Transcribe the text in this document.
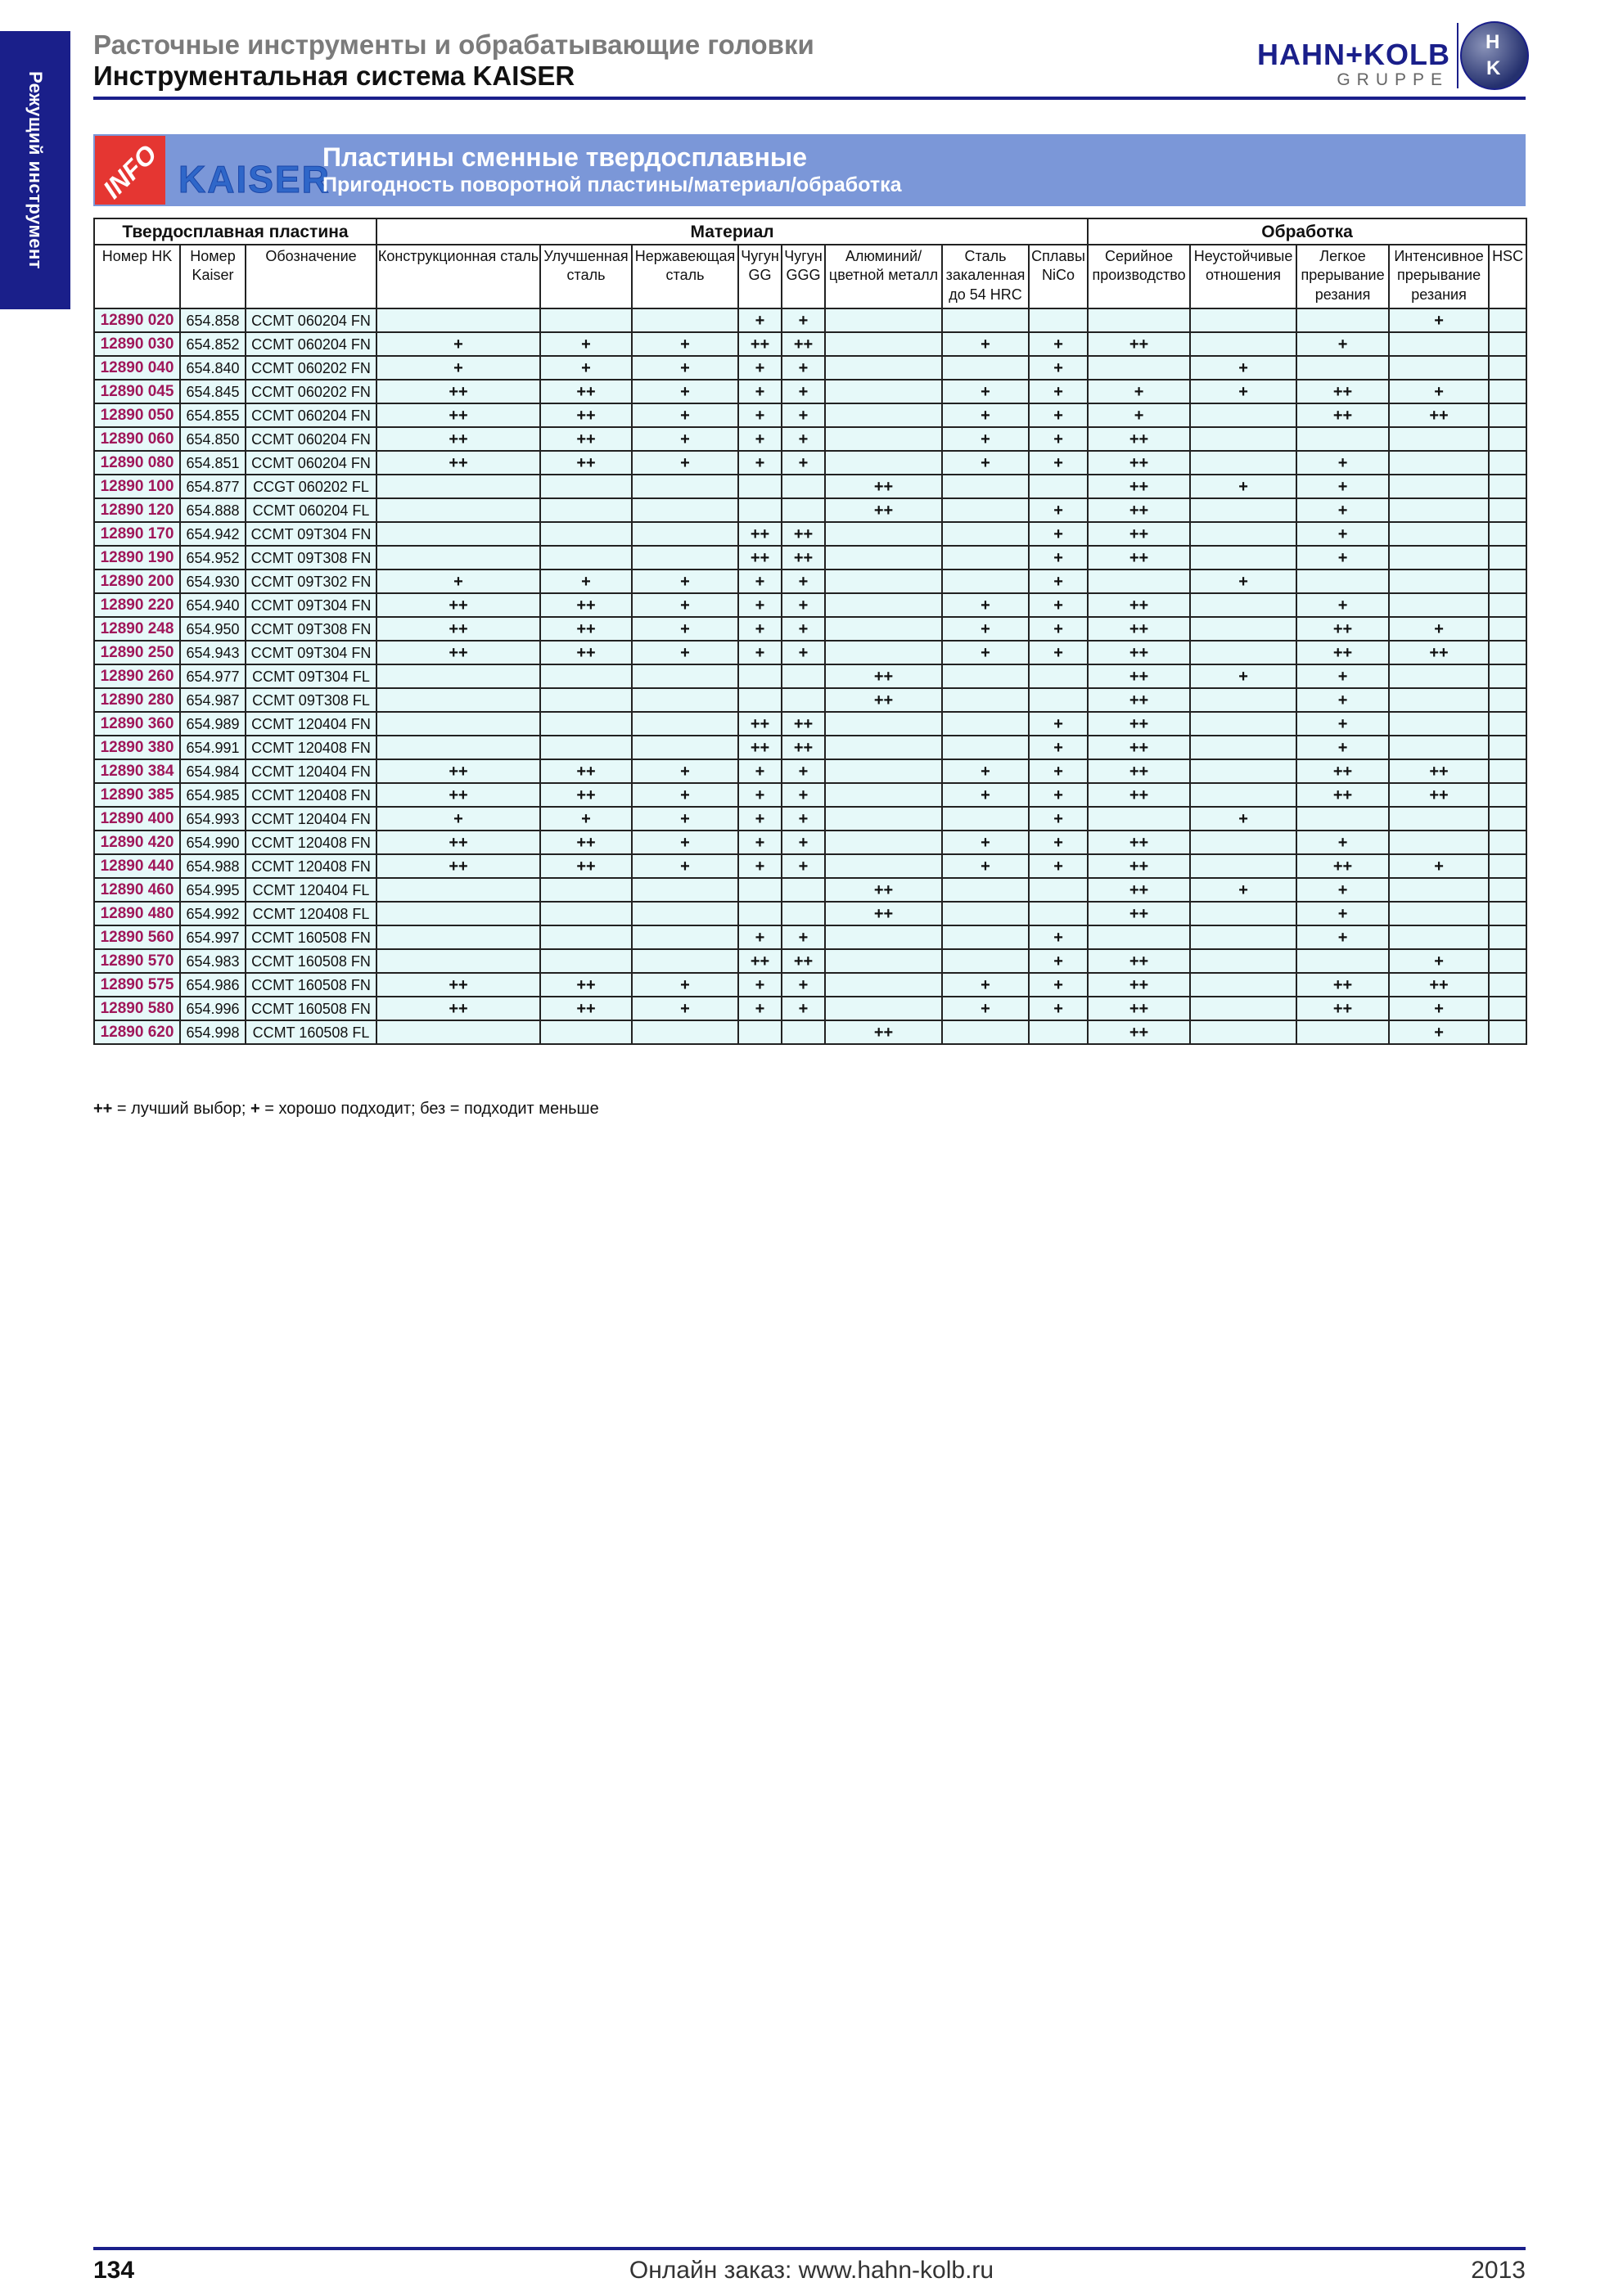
Режущий инструмент
Расточные инструменты и обрабатывающие головки
Инструментальная система KAISER
HAHN+KOLB
GRUPPE
H
K
INFO KAISER
Пластины сменные твердосплавные
Пригодность поворотной пластины/материал/обработка
Твердосплавная пластина			Материал								Обработка				
Номер HK	Номер Kaiser	Обозначение	Конструкционная сталь	Улучшенная сталь	Нержавеющая сталь	Чугун GG	Чугун GGG	Алюминий/ цветной металл	Сталь закаленная до 54 HRC	Сплавы NiCo	Серийное производство	Неустойчивые отношения	Легкое прерывание резания	Интенсивное прерывание резания	HSC
12890 020	654.858	CCMT 060204 FN				+	+							+	
12890 030	654.852	CCMT 060204 FN	+	+	+	++	++		+	+	++		+		
12890 040	654.840	CCMT 060202 FN	+	+	+	+	+			+		+			
12890 045	654.845	CCMT 060202 FN	++	++	+	+	+		+	+	+	+	++	+	
12890 050	654.855	CCMT 060204 FN	++	++	+	+	+		+	+	+		++	++	
12890 060	654.850	CCMT 060204 FN	++	++	+	+	+		+	+	++				
12890 080	654.851	CCMT 060204 FN	++	++	+	+	+		+	+	++		+		
12890 100	654.877	CCGT 060202 FL						++			++	+	+		
12890 120	654.888	CCMT 060204 FL						++		+	++		+		
12890 170	654.942	CCMT 09T304 FN				++	++			+	++		+		
12890 190	654.952	CCMT 09T308 FN				++	++			+	++		+		
12890 200	654.930	CCMT 09T302 FN	+	+	+	+	+			+		+			
12890 220	654.940	CCMT 09T304 FN	++	++	+	+	+		+	+	++		+		
12890 248	654.950	CCMT 09T308 FN	++	++	+	+	+		+	+	++		++	+	
12890 250	654.943	CCMT 09T304 FN	++	++	+	+	+		+	+	++		++	++	
12890 260	654.977	CCMT 09T304 FL						++			++	+	+		
12890 280	654.987	CCMT 09T308 FL						++			++		+		
12890 360	654.989	CCMT 120404 FN				++	++			+	++		+		
12890 380	654.991	CCMT 120408 FN				++	++			+	++		+		
12890 384	654.984	CCMT 120404 FN	++	++	+	+	+		+	+	++		++	++	
12890 385	654.985	CCMT 120408 FN	++	++	+	+	+		+	+	++		++	++	
12890 400	654.993	CCMT 120404 FN	+	+	+	+	+			+		+			
12890 420	654.990	CCMT 120408 FN	++	++	+	+	+		+	+	++		+		
12890 440	654.988	CCMT 120408 FN	++	++	+	+	+		+	+	++		++	+	
12890 460	654.995	CCMT 120404 FL						++			++	+	+		
12890 480	654.992	CCMT 120408 FL						++			++		+		
12890 560	654.997	CCMT 160508 FN				+	+			+			+		
12890 570	654.983	CCMT 160508 FN				++	++			+	++			+	
12890 575	654.986	CCMT 160508 FN	++	++	+	+	+		+	+	++		++	++	
12890 580	654.996	CCMT 160508 FN	++	++	+	+	+		+	+	++		++	+	
12890 620	654.998	CCMT 160508 FL						++			++			+	
++ = лучший выбор; + = хорошо подходит; без = подходит меньше
134	Онлайн заказ: www.hahn-kolb.ru	2013
